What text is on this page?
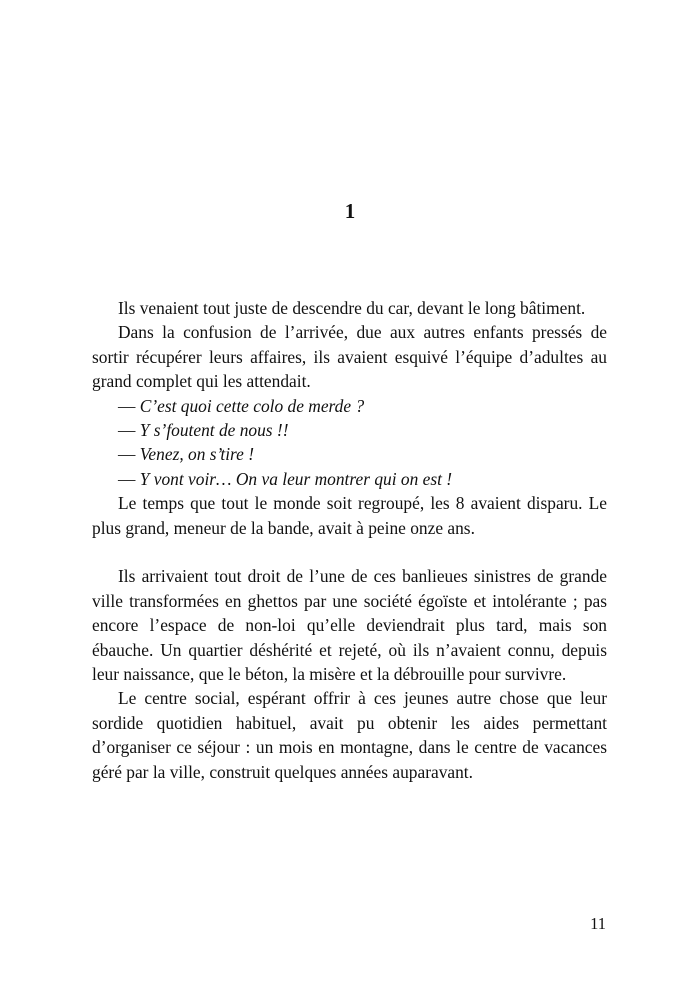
1

Ils venaient tout juste de descendre du car, devant le long bâtiment.

Dans la confusion de l’arrivée, due aux autres enfants pressés de sortir récupérer leurs affaires, ils avaient esquivé l’équipe d’adultes au grand complet qui les attendait.

— C’est quoi cette colo de merde ?

— Y s’foutent de nous !!

— Venez, on s’tire !

— Y vont voir… On va leur montrer qui on est !

Le temps que tout le monde soit regroupé, les 8 avaient disparu. Le plus grand, meneur de la bande, avait à peine onze ans.

Ils arrivaient tout droit de l’une de ces banlieues sinistres de grande ville transformées en ghettos par une société égoïste et intolérante ; pas encore l’espace de non-loi qu’elle deviendrait plus tard, mais son ébauche. Un quartier déshérité et rejeté, où ils n’avaient connu, depuis leur naissance, que le béton, la misère et la débrouille pour survivre.

Le centre social, espérant offrir à ces jeunes autre chose que leur sordide quotidien habituel, avait pu obtenir les aides permettant d’organiser ce séjour : un mois en montagne, dans le centre de vacances géré par la ville, construit quelques années auparavant.

11
